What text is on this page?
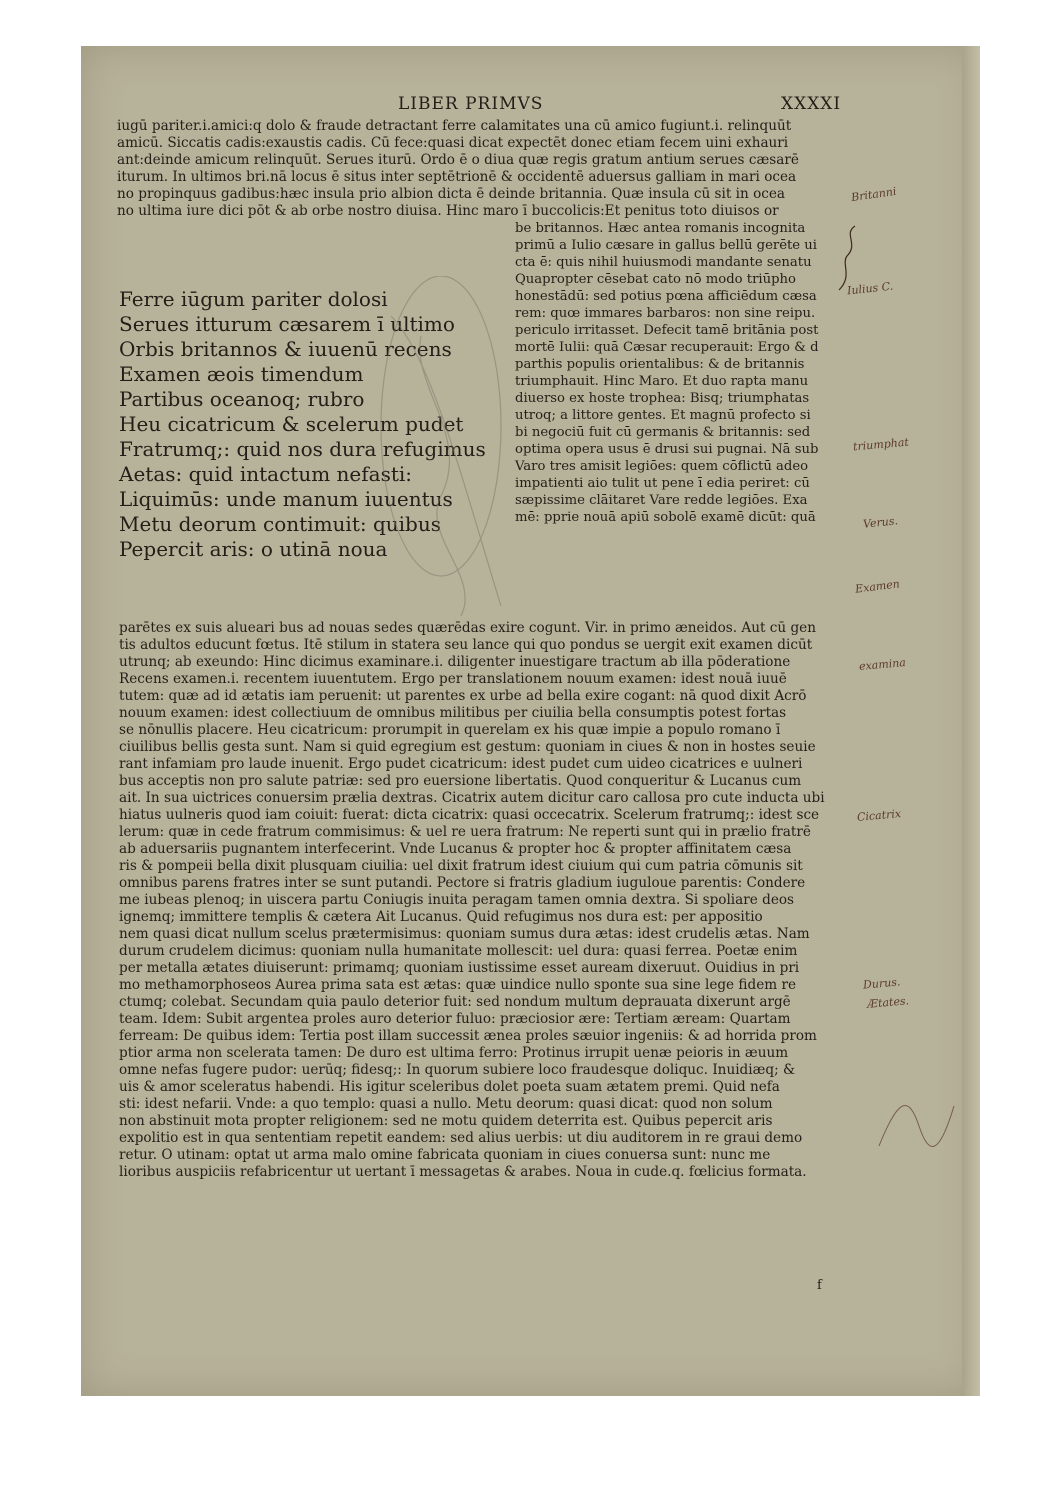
LIBER PRIMVS	XXXXI
iugū pariter.i.amici:q dolo & fraude detractant ferre calamitates una cū amico fugiunt.i. relinquūt
amicū. Siccatis cadis:exaustis cadis. Cū fece:quasi dicat expectēt donec etiam fecem uini exhauri
ant:deinde amicum relinquūt. Serues iturū. Ordo ē o diua quæ regis gratum antium serues cæsarē
iturum. In ultimos bri.nā locus ē situs inter septētrionē & occidentē aduersus galliam in mari ocea
no propinquus gadibus:hæc insula prio albion dicta ē deinde britannia. Quæ insula cū sit in ocea
no ultima iure dici pōt & ab orbe nostro diuisa. Hinc maro ī buccolicis:Et penitus toto diuisos or
Ferre iūgum pariter dolosi
Serues itturum cæsarem ī ultimo
Orbis britannos & iuuenū recens
Examen æois timendum
Partibus oceanoq; rubro
Heu cicatricum & scelerum pudet
Fratrumq;: quid nos dura refugimus
Aetas: quid intactum nefasti:
Liquimūs: unde manum iuuentus
Metu deorum contimuit: quibus
Pepercit aris: o utinā noua
be britannos. Hæc antea romanis incognita
primū a Iulio cæsare in gallus bellū gerēte ui
cta ē: quis nihil huiusmodi mandante senatu
Quapropter cēsebat cato nō modo triūpho
honestādū: sed potius pœna afficiēdum cæsa
rem: quœ immares barbaros: non sine reipu.
periculo irritasset. Defecit tamē britānia post
mortē Iulii: quā Cæsar recuperauit: Ergo & d
parthis populis orientalibus: & de britannis
triumphauit. Hinc Maro. Et duo rapta manu
diuerso ex hoste trophea: Bisq; triumphatas
utroq; a littore gentes. Et magnū profecto si
bi negociū fuit cū germanis & britannis: sed
optima opera usus ē drusi sui pugnai. Nā sub
Varo tres amisit legiōes: quem cōflictū adeo
impatienti aio tulit ut pene ī edia periret: cū
sæpissime clāitaret Vare redde legiōes. Exa
mē: pprie nouā apiū sobolē examē dicūt: quā
parētes ex suis alueari bus ad nouas sedes quærēdas exire cogunt. Vir. in primo æneidos. Aut cū gen
tis adultos educunt fœtus. Itē stilum in statera seu lance qui quo pondus se uergit exit examen dicūt
utrunq; ab exeundo: Hinc dicimus examinare.i. diligenter inuestigare tractum ab illa pōderatione
Recens examen.i. recentem iuuentutem. Ergo per translationem nouum examen: idest nouā iuuē
tutem: quæ ad id ætatis iam peruenit: ut parentes ex urbe ad bella exire cogant: nā quod dixit Acrō
nouum examen: idest collectiuum de omnibus militibus per ciuilia bella consumptis potest fortas
se nōnullis placere. Heu cicatricum: prorumpit in querelam ex his quæ impie a populo romano ī
ciuilibus bellis gesta sunt. Nam si quid egregium est gestum: quoniam in ciues & non in hostes seuie
rant infamiam pro laude inuenit. Ergo pudet cicatricum: idest pudet cum uideo cicatrices e uulneri
bus acceptis non pro salute patriæ: sed pro euersione libertatis. Quod conqueritur & Lucanus cum
ait. In sua uictrices conuersim prælia dextras. Cicatrix autem dicitur caro callosa pro cute inducta ubi
hiatus uulneris quod iam coiuit: fuerat: dicta cicatrix: quasi occecatrix. Scelerum fratrumq;: idest sce
lerum: quæ in cede fratrum commisimus: & uel re uera fratrum: Ne reperti sunt qui in prælio fratrē
ab aduersariis pugnantem interfecerint. Vnde Lucanus & propter hoc & propter affinitatem cæsa
ris & pompeii bella dixit plusquam ciuilia: uel dixit fratrum idest ciuium qui cum patria cōmunis sit
omnibus parens fratres inter se sunt putandi. Pectore si fratris gladium iuguloue parentis: Condere
me iubeas plenoq; in uiscera partu Coniugis inuita peragam tamen omnia dextra. Si spoliare deos
ignemq; immittere templis & cætera Ait Lucanus. Quid refugimus nos dura est: per appositio
nem quasi dicat nullum scelus prætermisimus: quoniam sumus dura ætas: idest crudelis ætas. Nam
durum crudelem dicimus: quoniam nulla humanitate mollescit: uel dura: quasi ferrea. Poetæ enim
per metalla ætates diuiserunt: primamq; quoniam iustissime esset auream dixeruut. Ouidius in pri
mo methamorphoseos Aurea prima sata est ætas: quæ uindice nullo sponte sua sine lege fidem re
ctumq; colebat. Secundam quia paulo deterior fuit: sed nondum multum deprauata dixerunt argē
team. Idem: Subit argentea proles auro deterior fuluo: præciosior ære: Tertiam æream: Quartam
ferream: De quibus idem: Tertia post illam successit ænea proles sæuior ingeniis: & ad horrida prom
ptior arma non scelerata tamen: De duro est ultima ferro: Protinus irrupit uenæ peioris in æuum
omne nefas fugere pudor: uerūq; fidesq;: In quorum subiere loco fraudesque doliquc. Inuidiæq; &
uis & amor sceleratus habendi. His igitur sceleribus dolet poeta suam ætatem premi. Quid nefa
sti: idest nefarii. Vnde: a quo templo: quasi a nullo. Metu deorum: quasi dicat: quod non solum
non abstinuit mota propter religionem: sed ne motu quidem deterrita est. Quibus pepercit aris
expolitio est in qua sententiam repetit eandem: sed alius uerbis: ut diu auditorem in re graui demo
retur. O utinam: optat ut arma malo omine fabricata quoniam in ciues conuersa sunt: nunc me
lioribus auspiciis refabricentur ut uertant ī messagetas & arabes. Noua in cude.q. fœlicius formata.
Britanni
Iulius C.
triumphat
Verus.
Examen
examina
Cicatrix
Durus.
Ætates.
f
